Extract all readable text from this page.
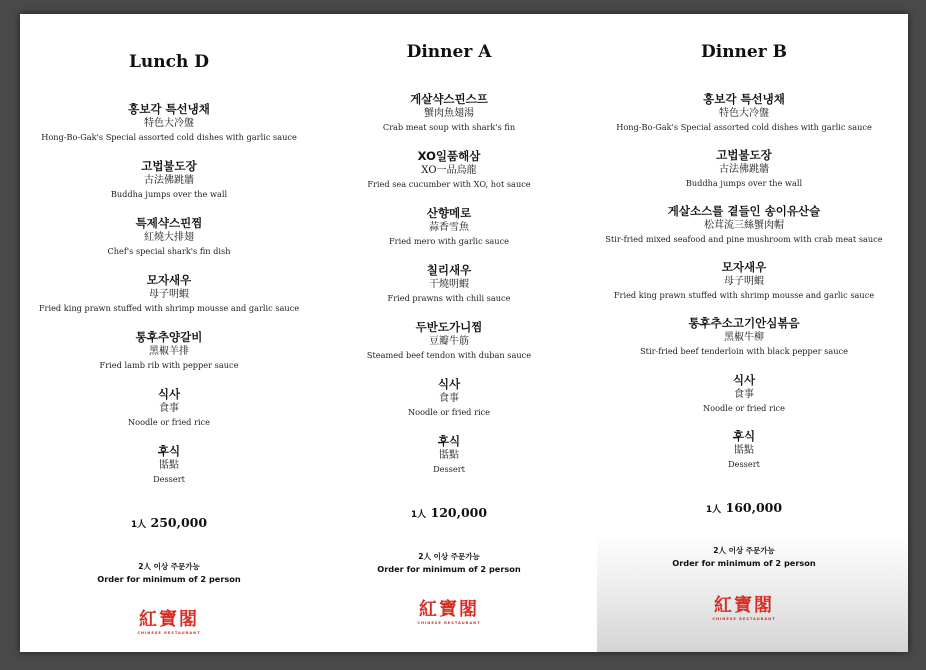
Lunch D
홍보각 특선냉채
特色大冷盤
Hong-Bo-Gak's Special assorted cold dishes with garlic sauce
고법불도장
古法佛跳牆
Buddha jumps over the wall
특제샥스핀찜
紅燒大排翅
Chef's special shark's fin dish
모자새우
母子明蝦
Fried king prawn stuffed with shrimp mousse and garlic sauce
통후추양갈비
黑椒羊排
Fried lamb rib with pepper sauce
식사
食事
Noodle or fried rice
후식
甛點
Dessert
1人 250,000
2人 이상 주문가능
Order for minimum of 2 person
紅寶閣
CHINESE RESTAURANT
Dinner A
게살샥스핀스프
蟹肉魚翅湯
Crab meat soup with shark's fin
XO일품해삼
XO一品烏龍
Fried sea cucumber with XO, hot sauce
산향메로
蒜香雪魚
Fried mero with garlic sauce
칠리새우
干燒明蝦
Fried prawns with chili sauce
두반도가니찜
豆瓣牛筋
Steamed beef tendon with duban sauce
식사
食事
Noodle or fried rice
후식
甛點
Dessert
1人 120,000
2人 이상 주문가능
Order for minimum of 2 person
紅寶閣
CHINESE RESTAURANT
Dinner B
홍보각 특선냉채
特色大冷盤
Hong-Bo-Gak's Special assorted cold dishes with garlic sauce
고법불도장
古法佛跳牆
Buddha jumps over the wall
게살소스를 곁들인 송이유산슬
松茸流三絲蟹肉帽
Stir-fried mixed seafood and pine mushroom with crab meat sauce
모자새우
母子明蝦
Fried king prawn stuffed with shrimp mousse and garlic sauce
통후추소고기안심볶음
黑椒牛柳
Stir-fried beef tenderloin with black pepper sauce
식사
食事
Noodle or fried rice
후식
甛點
Dessert
1人 160,000
2人 이상 주문가능
Order for minimum of 2 person
紅寶閣
CHINESE RESTAURANT
